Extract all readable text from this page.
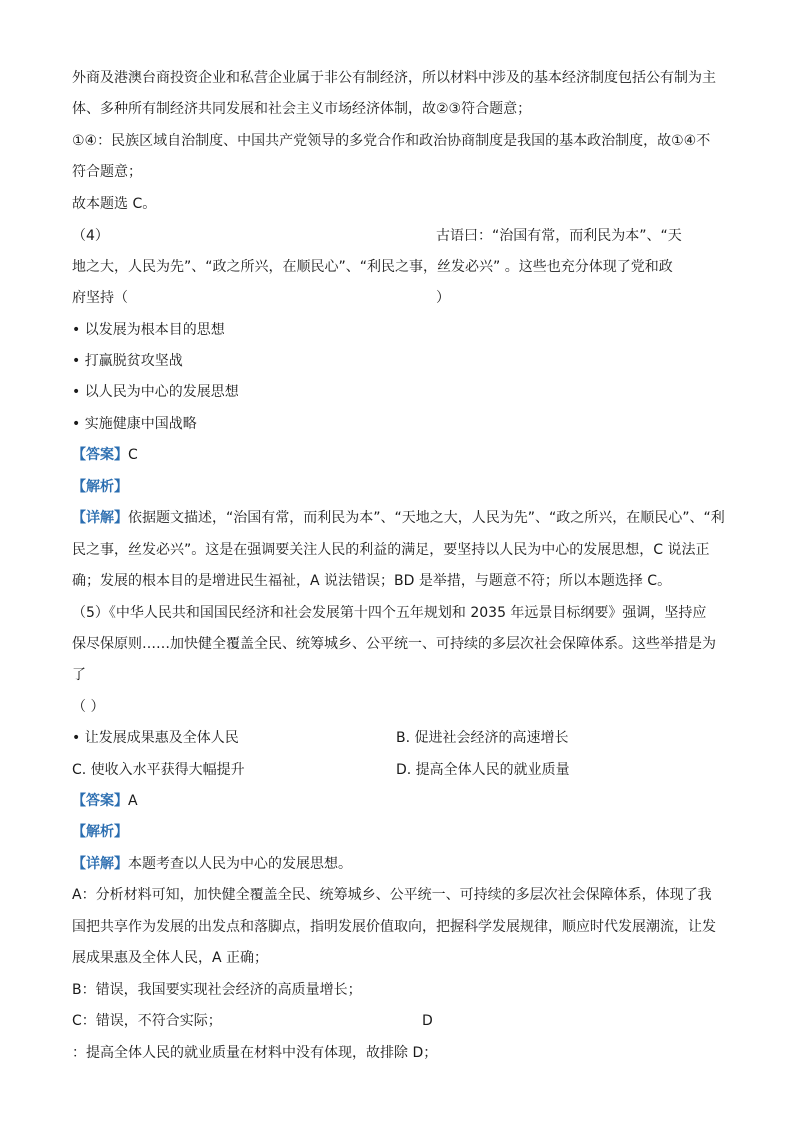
外商及港澳台商投资企业和私营企业属于非公有制经济，所以材料中涉及的基本经济制度包括公有制为主
体、多种所有制经济共同发展和社会主义市场经济体制，故②③符合题意；
①④：民族区域自治制度、中国共产党领导的多党合作和政治协商制度是我国的基本政治制度，故①④不
符合题意；
故本题选 C。
（4）	古语曰：“治国有常，而利民为本”、“天
地之大，人民为先”、“政之所兴，在顺民心”、“利民之事，丝发必兴” 。这些也充分体现了党和政
府坚持（	）
• 以发展为根本目的思想
• 打赢脱贫攻坚战
• 以人民为中心的发展思想
• 实施健康中国战略
【答案】C
【解析】
【详解】依据题文描述，“治国有常，而利民为本”、“天地之大，人民为先”、“政之所兴，在顺民心”、“利
民之事，丝发必兴”。这是在强调要关注人民的利益的满足，要坚持以人民为中心的发展思想，C 说法正
确；发展的根本目的是增进民生福祉，A 说法错误；BD 是举措，与题意不符；所以本题选择 C。
（5）《中华人民共和国国民经济和社会发展第十四个五年规划和 2035 年远景目标纲要》强调，坚持应
保尽保原则……加快健全覆盖全民、统筹城乡、公平统一、可持续的多层次社会保障体系。这些举措是为
了
（ ）
• 让发展成果惠及全体人民	B. 促进社会经济的高速增长
C. 使收入水平获得大幅提升	D. 提高全体人民的就业质量
【答案】A
【解析】
【详解】本题考查以人民为中心的发展思想。
A：分析材料可知，加快健全覆盖全民、统筹城乡、公平统一、可持续的多层次社会保障体系，体现了我
国把共享作为发展的出发点和落脚点，指明发展价值取向，把握科学发展规律，顺应时代发展潮流，让发
展成果惠及全体人民，A 正确；
B：错误，我国要实现社会经济的高质量增长；
C：错误，不符合实际；	D
：提高全体人民的就业质量在材料中没有体现，故排除 D；
